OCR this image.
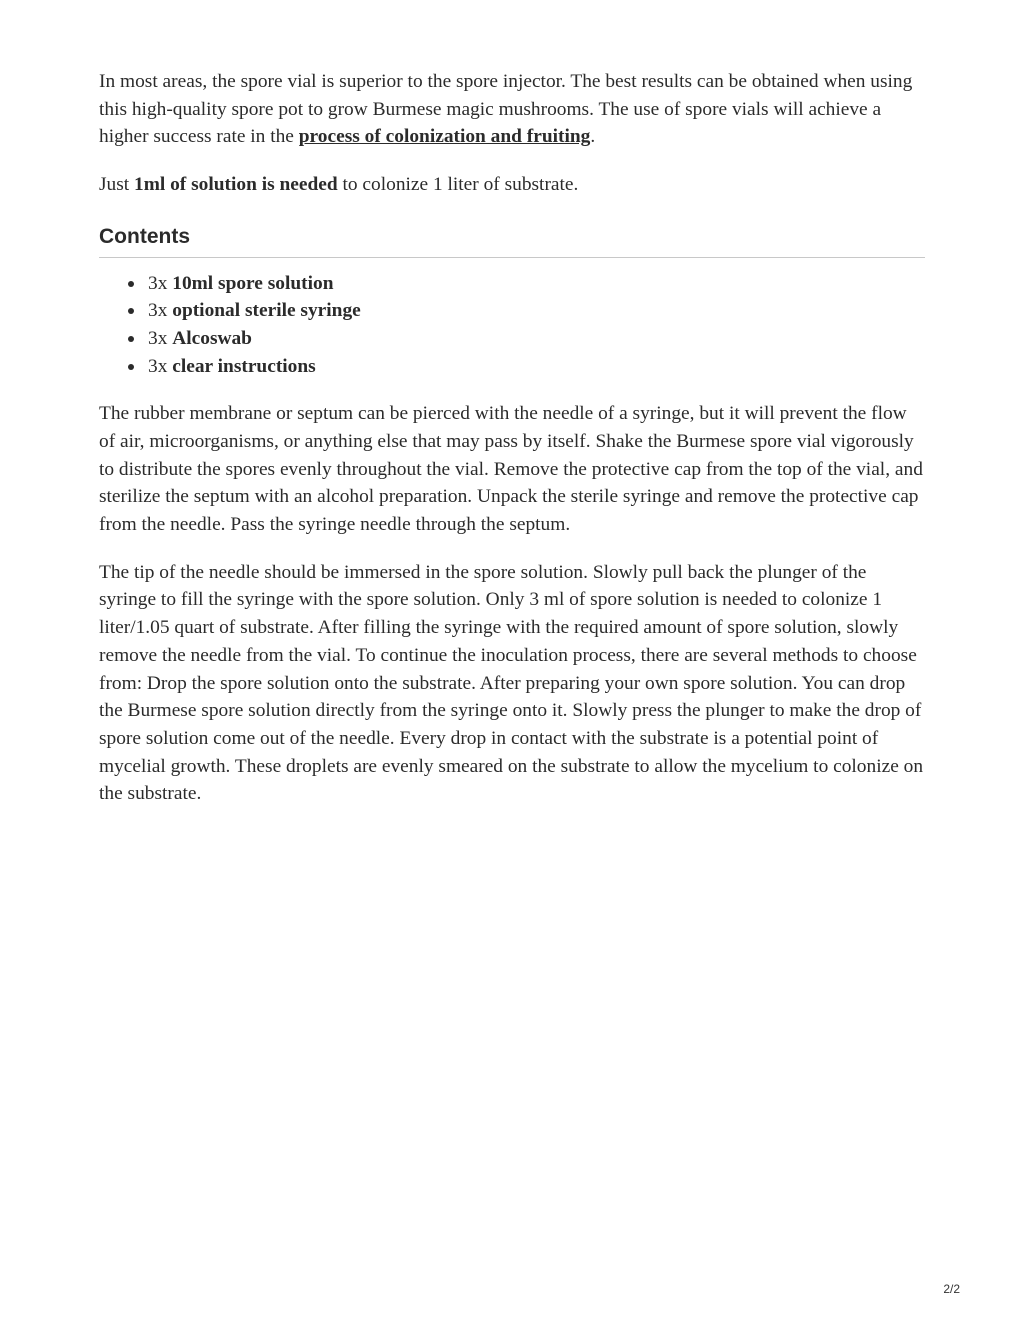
In most areas, the spore vial is superior to the spore injector. The best results can be obtained when using this high-quality spore pot to grow Burmese magic mushrooms. The use of spore vials will achieve a higher success rate in the process of colonization and fruiting.

Just 1ml of solution is needed to colonize 1 liter of substrate.

Contents
3x 10ml spore solution
3x optional sterile syringe
3x Alcoswab
3x clear instructions

The rubber membrane or septum can be pierced with the needle of a syringe, but it will prevent the flow of air, microorganisms, or anything else that may pass by itself. Shake the Burmese spore vial vigorously to distribute the spores evenly throughout the vial. Remove the protective cap from the top of the vial, and sterilize the septum with an alcohol preparation. Unpack the sterile syringe and remove the protective cap from the needle. Pass the syringe needle through the septum.

The tip of the needle should be immersed in the spore solution. Slowly pull back the plunger of the syringe to fill the syringe with the spore solution. Only 3 ml of spore solution is needed to colonize 1 liter/1.05 quart of substrate. After filling the syringe with the required amount of spore solution, slowly remove the needle from the vial. To continue the inoculation process, there are several methods to choose from: Drop the spore solution onto the substrate. After preparing your own spore solution. You can drop the Burmese spore solution directly from the syringe onto it. Slowly press the plunger to make the drop of spore solution come out of the needle. Every drop in contact with the substrate is a potential point of mycelial growth. These droplets are evenly smeared on the substrate to allow the mycelium to colonize on the substrate.

2/2
